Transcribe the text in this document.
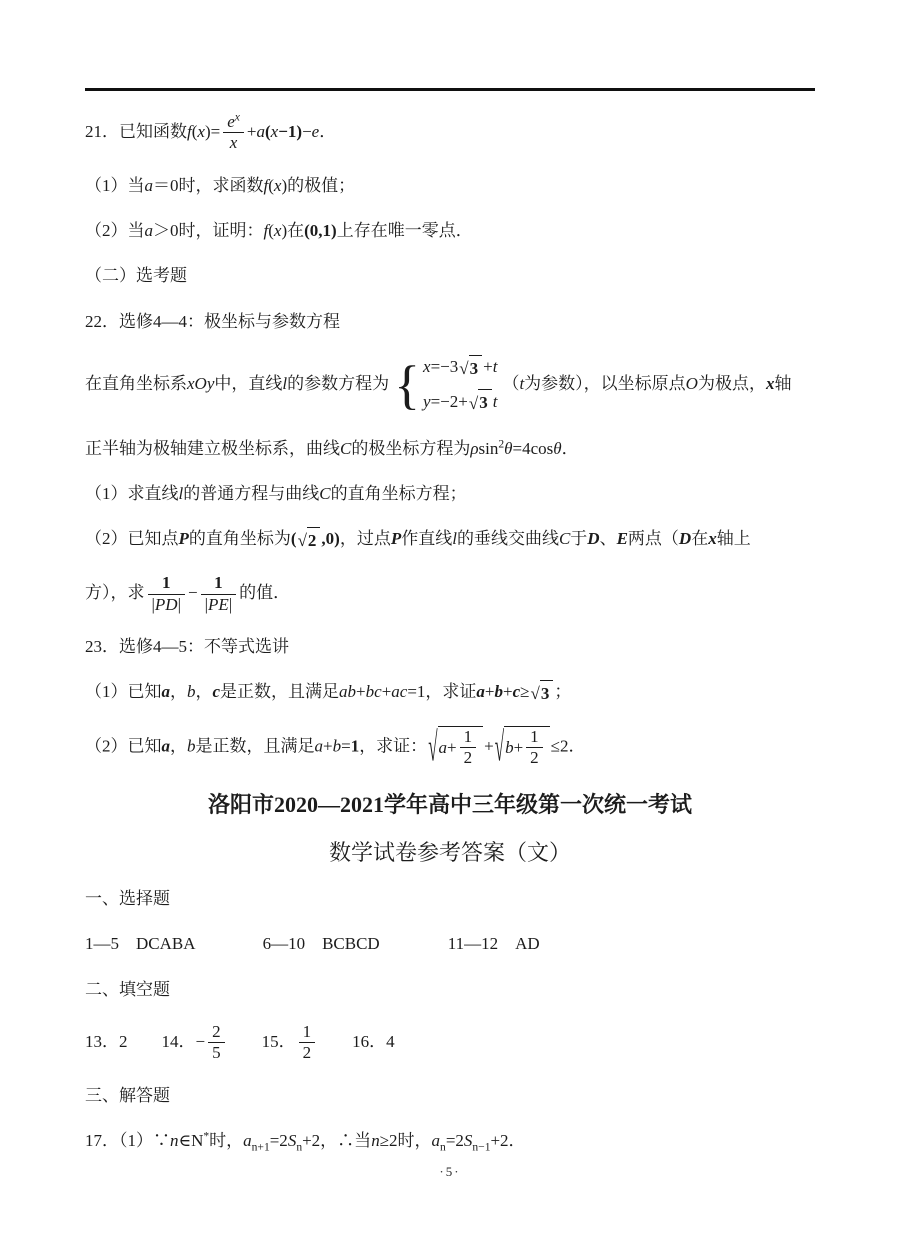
21．已知函数$f(x)= \frac{e^x}{x} +a(x-1)-e$．
（1）当a＝0时，求函数f(x)的极值；
（2）当a＞0时，证明：f(x)在(0,1)上存在唯一零点．
（二）选考题
22．选修4—4：极坐标与参数方程
在直角坐标系xOy中，直线l的参数方程为 { x=−3 √ 3 +t
y=−2+ √ 3 t
（t为参数），以坐标原点O为极点，x轴
正半轴为极轴建立极坐标系，曲线C的极坐标方程为ρsin$^2$θ=4cosθ．
（1）求直线l的普通方程与曲线C的直角坐标方程；
（2）已知点P的直角坐标为( √ 2 ,0)，过点P作直线l的垂线交曲线C于D、E两点（D在x轴上
方），求 $\frac{1}{|PD|} - \frac{1}{|PE|}$ 的值．
23．选修4—5：不等式选讲
（1）已知a，b，c是正数，且满足ab+bc+ac=1，求证a+b+c≥ √ 3 ；
（2）已知a，b是正数，且满足a+b=1，求证： √ $a + \frac{1}{2}$ + √ $b + \frac{1}{2} \le 2$．
洛阳市2020—2021学年高中三年级第一次统一考试
数学试卷参考答案（文）
一、选择题
1—5　DCABA　　　　6—10　BCBCD　　　　11—12　AD
二、填空题
13．2　　14．− $\frac{2}{5}$ 　　15． $\frac{1}{2}$ 　　16．4
三、解答题
17．（1）∵n∈N*时，$a_{n+1}=2S_n+2$，∴当n≥2时，$a_n=2S_{n-1}+2$．
·5·
